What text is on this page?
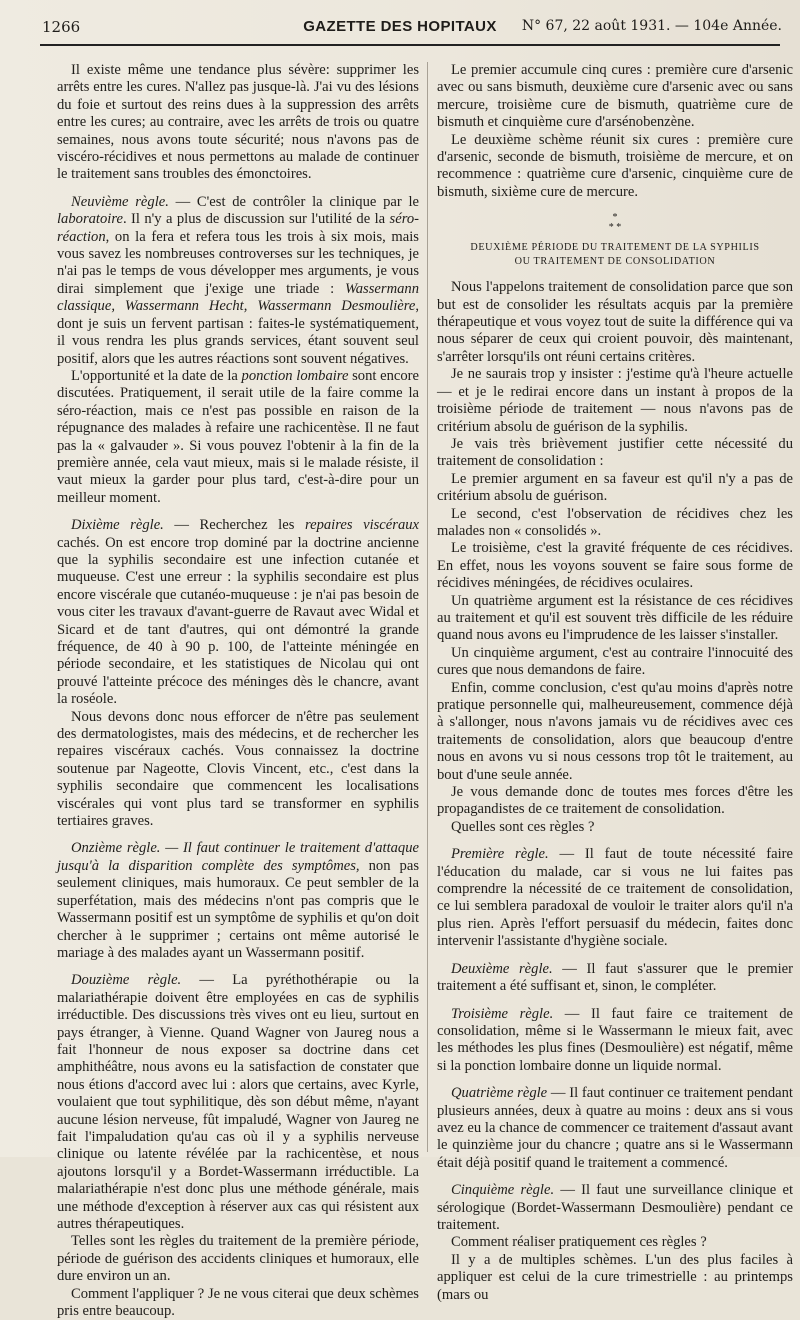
1266	GAZETTE DES HOPITAUX	N° 67, 22 août 1931. — 104e Année.

Il existe même une tendance plus sévère: supprimer les arrêts entre les cures. N'allez pas jusque-là. J'ai vu des lésions du foie et surtout des reins dues à la suppression des arrêts entre les cures; au contraire, avec les arrêts de trois ou quatre semaines, nous avons toute sécurité; nous n'avons pas de viscéro-récidives et nous permettons au malade de continuer le traitement sans troubles des émonctoires.

Neuvième règle. — C'est de contrôler la clinique par le laboratoire. Il n'y a plus de discussion sur l'utilité de la séro-réaction, on la fera et refera tous les trois à six mois, mais vous savez les nombreuses controverses sur les techniques, je n'ai pas le temps de vous développer mes arguments, je vous dirai simplement que j'exige une triade : Wassermann classique, Wassermann Hecht, Wassermann Desmoulière, dont je suis un fervent partisan : faites-le systématiquement, il vous rendra les plus grands services, étant souvent seul positif, alors que les autres réactions sont souvent négatives.

L'opportunité et la date de la ponction lombaire sont encore discutées. Pratiquement, il serait utile de la faire comme la séro-réaction, mais ce n'est pas possible en raison de la répugnance des malades à refaire une rachicentèse. Il ne faut pas la « galvauder ». Si vous pouvez l'obtenir à la fin de la première année, cela vaut mieux, mais si le malade résiste, il vaut mieux la garder pour plus tard, c'est-à-dire pour un meilleur moment.

Dixième règle. — Recherchez les repaires viscéraux cachés. On est encore trop dominé par la doctrine ancienne que la syphilis secondaire est une infection cutanée et muqueuse. C'est une erreur : la syphilis secondaire est plus encore viscérale que cutanéo-muqueuse : je n'ai pas besoin de vous citer les travaux d'avant-guerre de Ravaut avec Widal et Sicard et de tant d'autres, qui ont démontré la grande fréquence, de 40 à 90 p. 100, de l'atteinte méningée en période secondaire, et les statistiques de Nicolau qui ont prouvé l'atteinte précoce des méninges dès le chancre, avant la roséole.

Nous devons donc nous efforcer de n'être pas seulement des dermatologistes, mais des médecins, et de rechercher les repaires viscéraux cachés. Vous connaissez la doctrine soutenue par Nageotte, Clovis Vincent, etc., c'est dans la syphilis secondaire que commencent les localisations viscérales qui vont plus tard se transformer en syphilis tertiaires graves.

Onzième règle. — Il faut continuer le traitement d'attaque jusqu'à la disparition complète des symptômes, non pas seulement cliniques, mais humoraux. Ce peut sembler de la superfétation, mais des médecins n'ont pas compris que le Wassermann positif est un symptôme de syphilis et qu'on doit chercher à le supprimer ; certains ont même autorisé le mariage à des malades ayant un Wassermann positif.

Douzième règle. — La pyréthothérapie ou la malariathérapie doivent être employées en cas de syphilis irréductible. Des discussions très vives ont eu lieu, surtout en pays étranger, à Vienne. Quand Wagner von Jaureg nous a fait l'honneur de nous exposer sa doctrine dans cet amphithéâtre, nous avons eu la satisfaction de constater que nous étions d'accord avec lui : alors que certains, avec Kyrle, voulaient que tout syphilitique, dès son début même, n'ayant aucune lésion nerveuse, fût impaludé, Wagner von Jaureg ne fait l'impaludation qu'au cas où il y a syphilis nerveuse clinique ou latente révélée par la rachicentèse, et nous ajoutons lorsqu'il y a Bordet-Wassermann irréductible. La malariathérapie n'est donc plus une méthode générale, mais une méthode d'exception à réserver aux cas qui résistent aux autres thérapeutiques.

Telles sont les règles du traitement de la première période, période de guérison des accidents cliniques et humoraux, elle dure environ un an.

Comment l'appliquer ? Je ne vous citerai que deux schèmes pris entre beaucoup.

Le premier accumule cinq cures : première cure d'arsenic avec ou sans bismuth, deuxième cure d'arsenic avec ou sans mercure, troisième cure de bismuth, quatrième cure de bismuth et cinquième cure d'arsénobenzène.

Le deuxième schème réunit six cures : première cure d'arsenic, seconde de bismuth, troisième de mercure, et on recommence : quatrième cure d'arsenic, cinquième cure de bismuth, sixième cure de mercure.

*
* *
DEUXIÈME PÉRIODE DU TRAITEMENT DE LA SYPHILIS
OU TRAITEMENT DE CONSOLIDATION

Nous l'appelons traitement de consolidation parce que son but est de consolider les résultats acquis par la première thérapeutique et vous voyez tout de suite la différence qui va nous séparer de ceux qui croient pouvoir, dès maintenant, s'arrêter lorsqu'ils ont réuni certains critères.

Je ne saurais trop y insister : j'estime qu'à l'heure actuelle — et je le redirai encore dans un instant à propos de la troisième période de traitement — nous n'avons pas de critérium absolu de guérison de la syphilis.

Je vais très brièvement justifier cette nécessité du traitement de consolidation :

Le premier argument en sa faveur est qu'il n'y a pas de critérium absolu de guérison.

Le second, c'est l'observation de récidives chez les malades non « consolidés ».

Le troisième, c'est la gravité fréquente de ces récidives. En effet, nous les voyons souvent se faire sous forme de récidives méningées, de récidives oculaires.

Un quatrième argument est la résistance de ces récidives au traitement et qu'il est souvent très difficile de les réduire quand nous avons eu l'imprudence de les laisser s'installer.

Un cinquième argument, c'est au contraire l'innocuité des cures que nous demandons de faire.

Enfin, comme conclusion, c'est qu'au moins d'après notre pratique personnelle qui, malheureusement, commence déjà à s'allonger, nous n'avons jamais vu de récidives avec ces traitements de consolidation, alors que beaucoup d'entre nous en avons vu si nous cessons trop tôt le traitement, au bout d'une seule année.

Je vous demande donc de toutes mes forces d'être les propagandistes de ce traitement de consolidation.

Quelles sont ces règles ?

Première règle. — Il faut de toute nécessité faire l'éducation du malade, car si vous ne lui faites pas comprendre la nécessité de ce traitement de consolidation, ce lui semblera paradoxal de vouloir le traiter alors qu'il n'a plus rien. Après l'effort persuasif du médecin, faites donc intervenir l'assistante d'hygiène sociale.

Deuxième règle. — Il faut s'assurer que le premier traitement a été suffisant et, sinon, le compléter.

Troisième règle. — Il faut faire ce traitement de consolidation, même si le Wassermann le mieux fait, avec les méthodes les plus fines (Desmoulière) est négatif, même si la ponction lombaire donne un liquide normal.

Quatrième règle — Il faut continuer ce traitement pendant plusieurs années, deux à quatre au moins : deux ans si vous avez eu la chance de commencer ce traitement d'assaut avant le quinzième jour du chancre ; quatre ans si le Wassermann était déjà positif quand le traitement a commencé.

Cinquième règle. — Il faut une surveillance clinique et sérologique (Bordet-Wassermann Desmoulière) pendant ce traitement.

Comment réaliser pratiquement ces règles ?

Il y a de multiples schèmes. L'un des plus faciles à appliquer est celui de la cure trimestrielle : au printemps (mars ou
